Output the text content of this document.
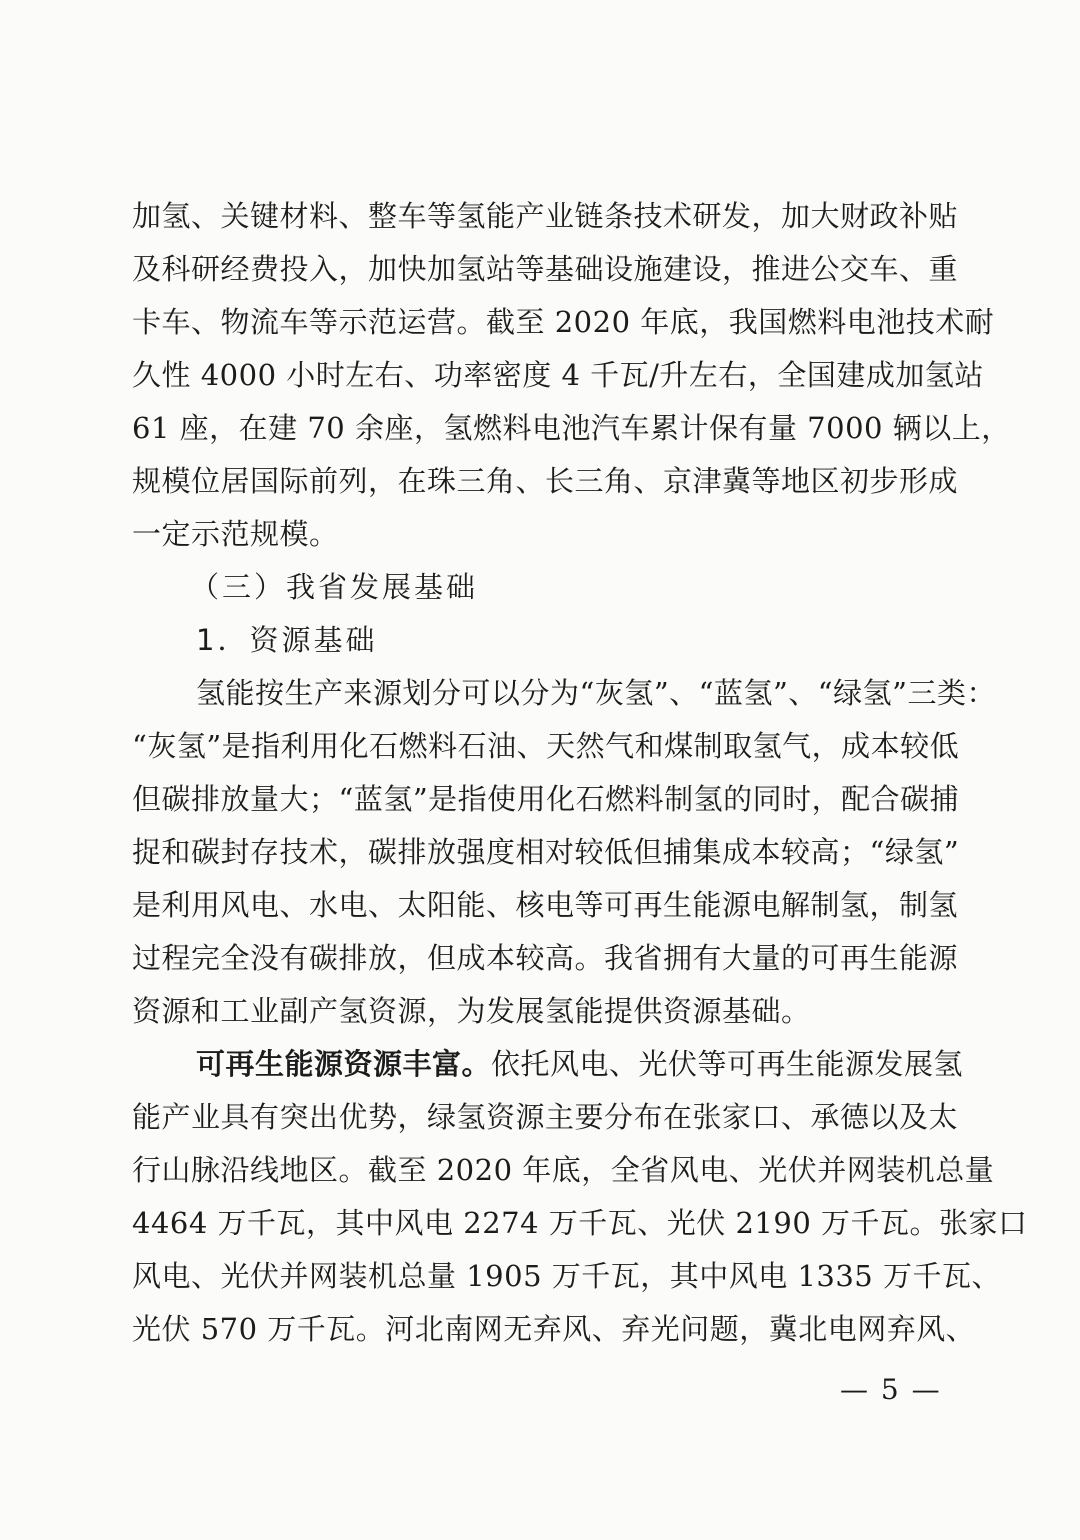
加氢、关键材料、整车等氢能产业链条技术研发，加大财政补贴
及科研经费投入，加快加氢站等基础设施建设，推进公交车、重
卡车、物流车等示范运营。截至 2020 年底，我国燃料电池技术耐
久性 4000 小时左右、功率密度 4 千瓦/升左右，全国建成加氢站
61 座，在建 70 余座，氢燃料电池汽车累计保有量 7000 辆以上，
规模位居国际前列，在珠三角、长三角、京津冀等地区初步形成
一定示范规模。
（三）我省发展基础
1．资源基础
氢能按生产来源划分可以分为“灰氢”、“蓝氢”、“绿氢”三类：
“灰氢”是指利用化石燃料石油、天然气和煤制取氢气，成本较低
但碳排放量大；“蓝氢”是指使用化石燃料制氢的同时，配合碳捕
捉和碳封存技术，碳排放强度相对较低但捕集成本较高；“绿氢”
是利用风电、水电、太阳能、核电等可再生能源电解制氢，制氢
过程完全没有碳排放，但成本较高。我省拥有大量的可再生能源
资源和工业副产氢资源，为发展氢能提供资源基础。
可再生能源资源丰富。依托风电、光伏等可再生能源发展氢
能产业具有突出优势，绿氢资源主要分布在张家口、承德以及太
行山脉沿线地区。截至 2020 年底，全省风电、光伏并网装机总量
4464 万千瓦，其中风电 2274 万千瓦、光伏 2190 万千瓦。张家口
风电、光伏并网装机总量 1905 万千瓦，其中风电 1335 万千瓦、
光伏 570 万千瓦。河北南网无弃风、弃光问题，冀北电网弃风、
— 5 —
